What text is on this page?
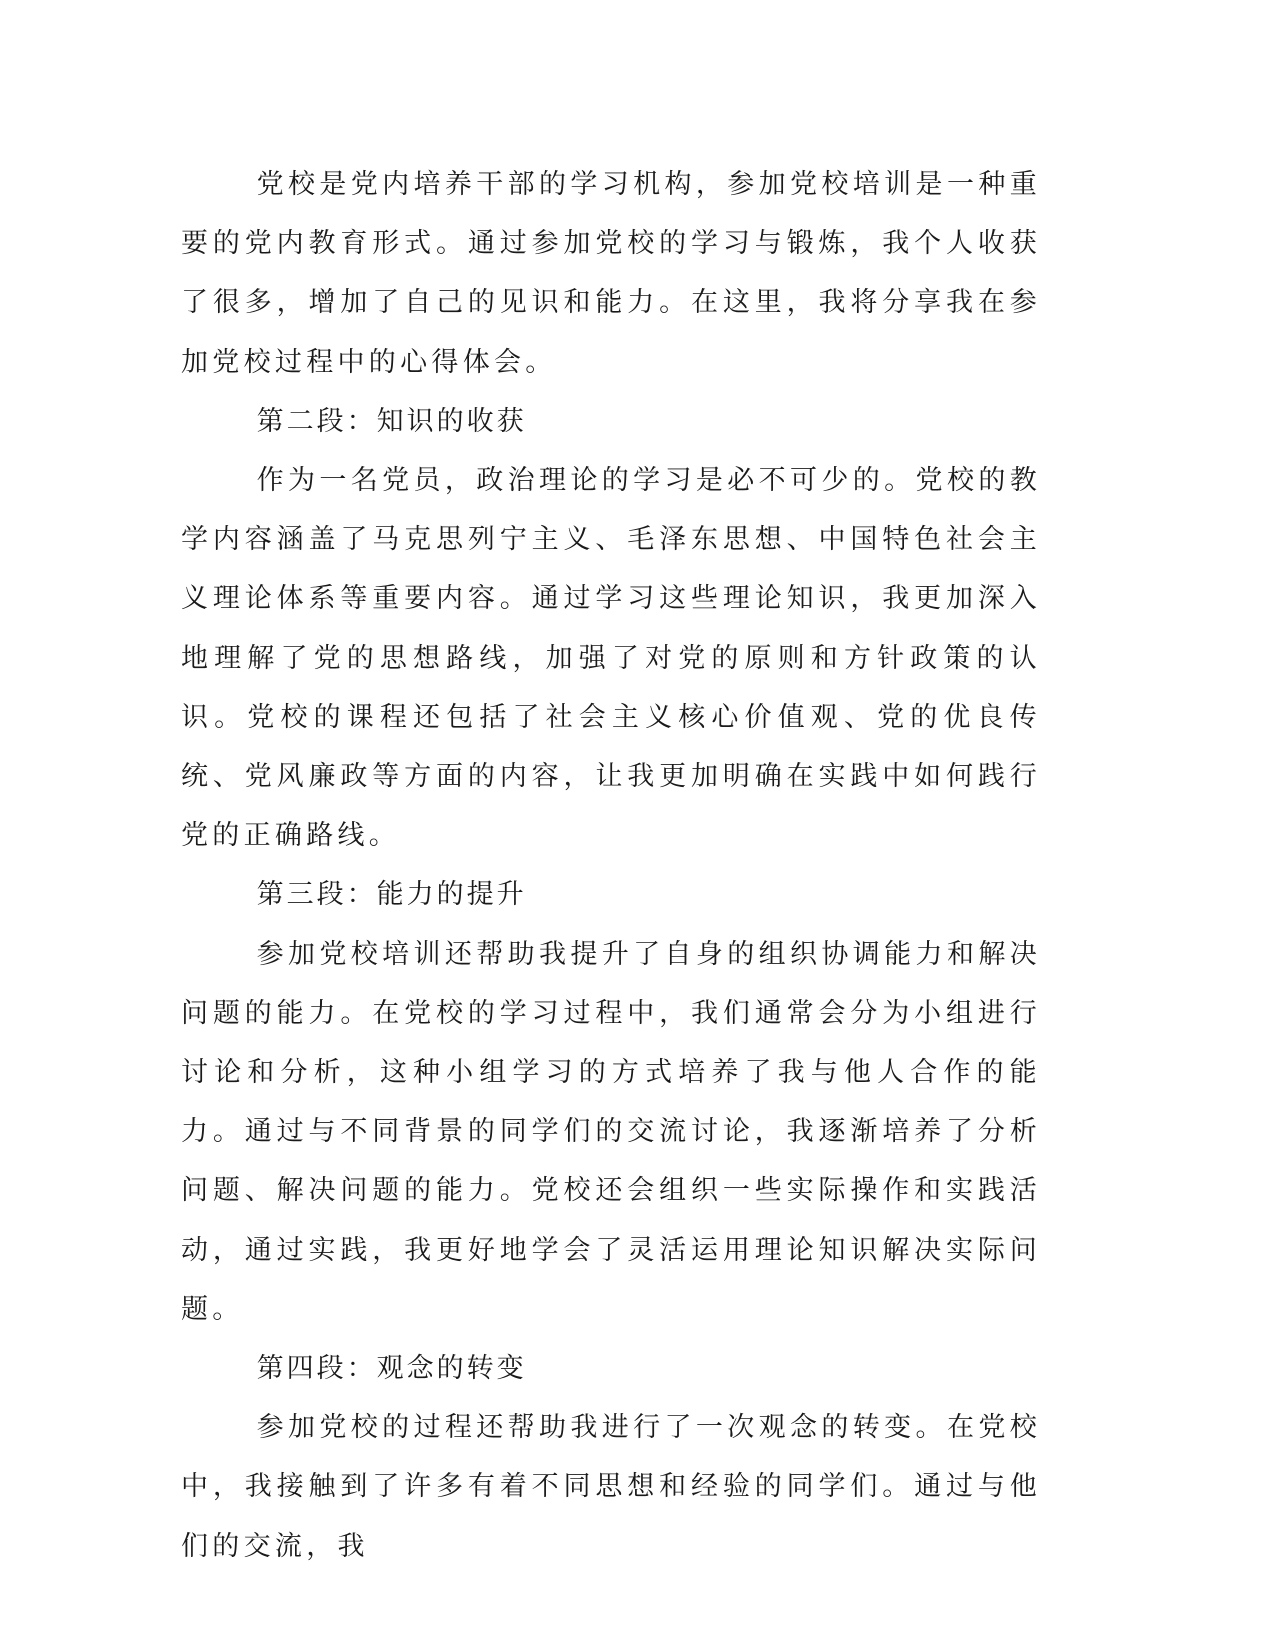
党校是党内培养干部的学习机构，参加党校培训是一种重要的党内教育形式。通过参加党校的学习与锻炼，我个人收获了很多，增加了自己的见识和能力。在这里，我将分享我在参加党校过程中的心得体会。

第二段：知识的收获

作为一名党员，政治理论的学习是必不可少的。党校的教学内容涵盖了马克思列宁主义、毛泽东思想、中国特色社会主义理论体系等重要内容。通过学习这些理论知识，我更加深入地理解了党的思想路线，加强了对党的原则和方针政策的认识。党校的课程还包括了社会主义核心价值观、党的优良传统、党风廉政等方面的内容，让我更加明确在实践中如何践行党的正确路线。

第三段：能力的提升

参加党校培训还帮助我提升了自身的组织协调能力和解决问题的能力。在党校的学习过程中，我们通常会分为小组进行讨论和分析，这种小组学习的方式培养了我与他人合作的能力。通过与不同背景的同学们的交流讨论，我逐渐培养了分析问题、解决问题的能力。党校还会组织一些实际操作和实践活动，通过实践，我更好地学会了灵活运用理论知识解决实际问题。

第四段：观念的转变

参加党校的过程还帮助我进行了一次观念的转变。在党校中，我接触到了许多有着不同思想和经验的同学们。通过与他们的交流，我
